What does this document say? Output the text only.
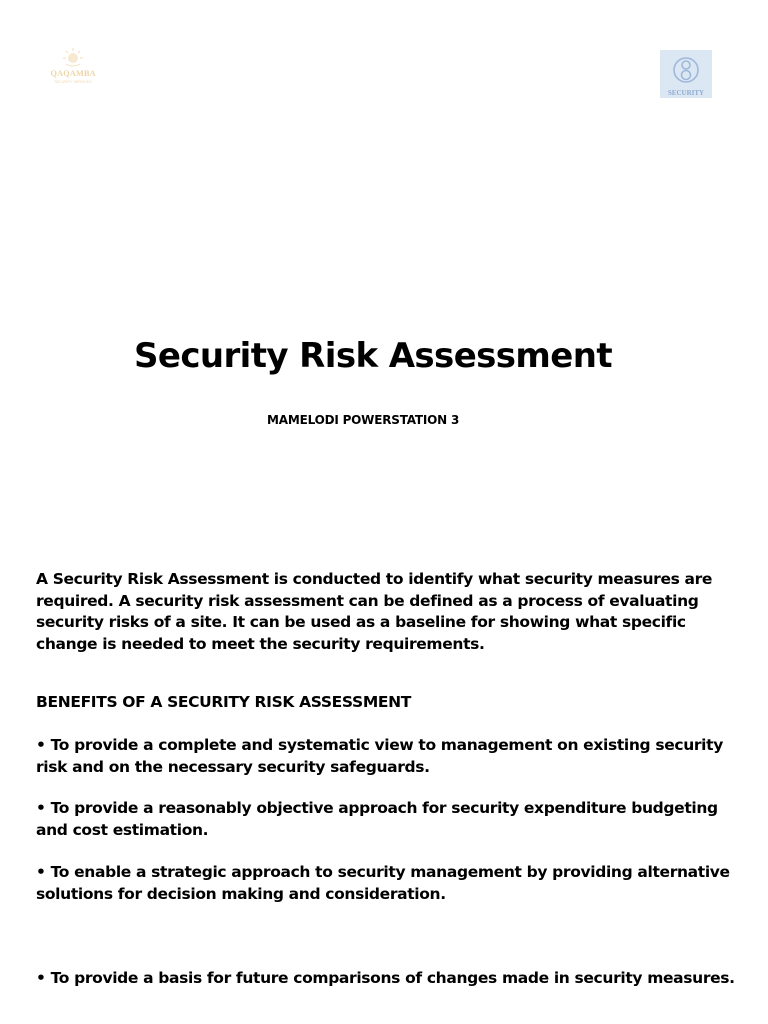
QAQAMBA
SECURITY SERVICES
SECURITY
Security Risk Assessment

MAMELODI POWERSTATION 3

A Security Risk Assessment is conducted to identify what security measures are required. A security risk assessment can be defined as a process of evaluating security risks of a site. It can be used as a baseline for showing what specific change is needed to meet the security requirements.

BENEFITS OF A SECURITY RISK ASSESSMENT

• To provide a complete and systematic view to management on existing security risk and on the necessary security safeguards.

• To provide a reasonably objective approach for security expenditure budgeting and cost estimation.

• To enable a strategic approach to security management by providing alternative solutions for decision making and consideration.

• To provide a basis for future comparisons of changes made in security measures.
